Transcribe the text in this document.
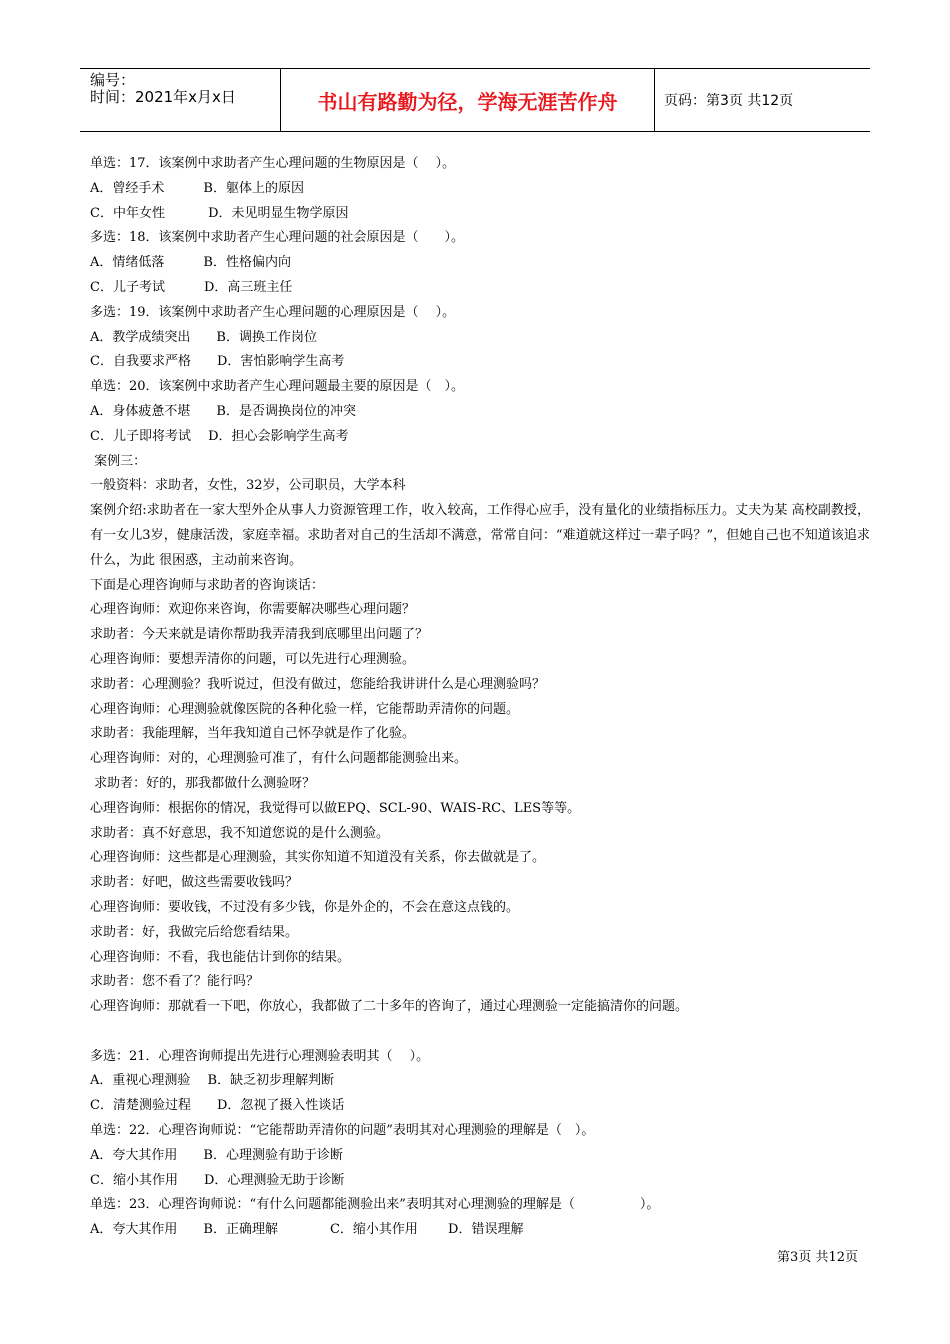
编号：
时间：2021年x月x日	书山有路勤为径，学海无涯苦作舟	页码：第3页 共12页
单选：17．该案例中求助者产生心理问题的生物原因是（　 ）。
A．曾经手术　　　B．躯体上的原因
C．中年女性　　　 D．未见明显生物学原因
多选：18．该案例中求助者产生心理问题的社会原因是（　　）。
A．情绪低落　　　B．性格偏内向
C．儿子考试　　　D．高三班主任
多选：19．该案例中求助者产生心理问题的心理原因是（　 ）。
A．教学成绩突出　　B．调换工作岗位
C．自我要求严格　　D．害怕影响学生高考
单选：20．该案例中求助者产生心理问题最主要的原因是（　）。
A．身体疲惫不堪　　B．是否调换岗位的冲突
C．儿子即将考试　 D．担心会影响学生高考
案例三：
一般资料：求助者，女性，32岁，公司职员，大学本科
案例介绍:求助者在一家大型外企从事人力资源管理工作，收入较高，工作得心应手，没有量化的业绩指标压力。丈夫为某 高校副教授，有一女儿3岁，健康活泼，家庭幸福。求助者对自己的生活却不满意，常常自问：“难道就这样过一辈子吗？”，但她自己也不知道该追求什么，为此 很困惑，主动前来咨询。
下面是心理咨询师与求助者的咨询谈话：
心理咨询师：欢迎你来咨询，你需要解决哪些心理问题？
求助者：今天来就是请你帮助我弄清我到底哪里出问题了？
心理咨询师：要想弄清你的问题，可以先进行心理测验。
求助者：心理测验？我听说过，但没有做过，您能给我讲讲什么是心理测验吗？
心理咨询师：心理测验就像医院的各种化验一样，它能帮助弄清你的问题。
求助者：我能理解，当年我知道自己怀孕就是作了化验。
心理咨询师：对的，心理测验可准了，有什么问题都能测验出来。
求助者：好的，那我都做什么测验呀？
心理咨询师：根据你的情况，我觉得可以做EPQ、SCL-90、WAIS-RC、LES等等。
求助者：真不好意思，我不知道您说的是什么测验。
心理咨询师：这些都是心理测验，其实你知道不知道没有关系，你去做就是了。
求助者：好吧，做这些需要收钱吗？
心理咨询师：要收钱，不过没有多少钱，你是外企的，不会在意这点钱的。
求助者：好，我做完后给您看结果。
心理咨询师：不看，我也能估计到你的结果。
求助者：您不看了？能行吗？
心理咨询师：那就看一下吧，你放心，我都做了二十多年的咨询了，通过心理测验一定能搞清你的问题。
多选：21．心理咨询师提出先进行心理测验表明其（　 ）。
A．重视心理测验　 B．缺乏初步理解判断
C．清楚测验过程　　D．忽视了摄入性谈话
单选：22．心理咨询师说：“它能帮助弄清你的问题”表明其对心理测验的理解是（　）。
A．夸大其作用　　B．心理测验有助于诊断
C．缩小其作用　　D．心理测验无助于诊断
单选：23．心理咨询师说：“有什么问题都能测验出来”表明其对心理测验的理解是（　　　　　）。
A．夸大其作用　　B．正确理解　　　　C．缩小其作用　　 D．错误理解
第3页 共12页
